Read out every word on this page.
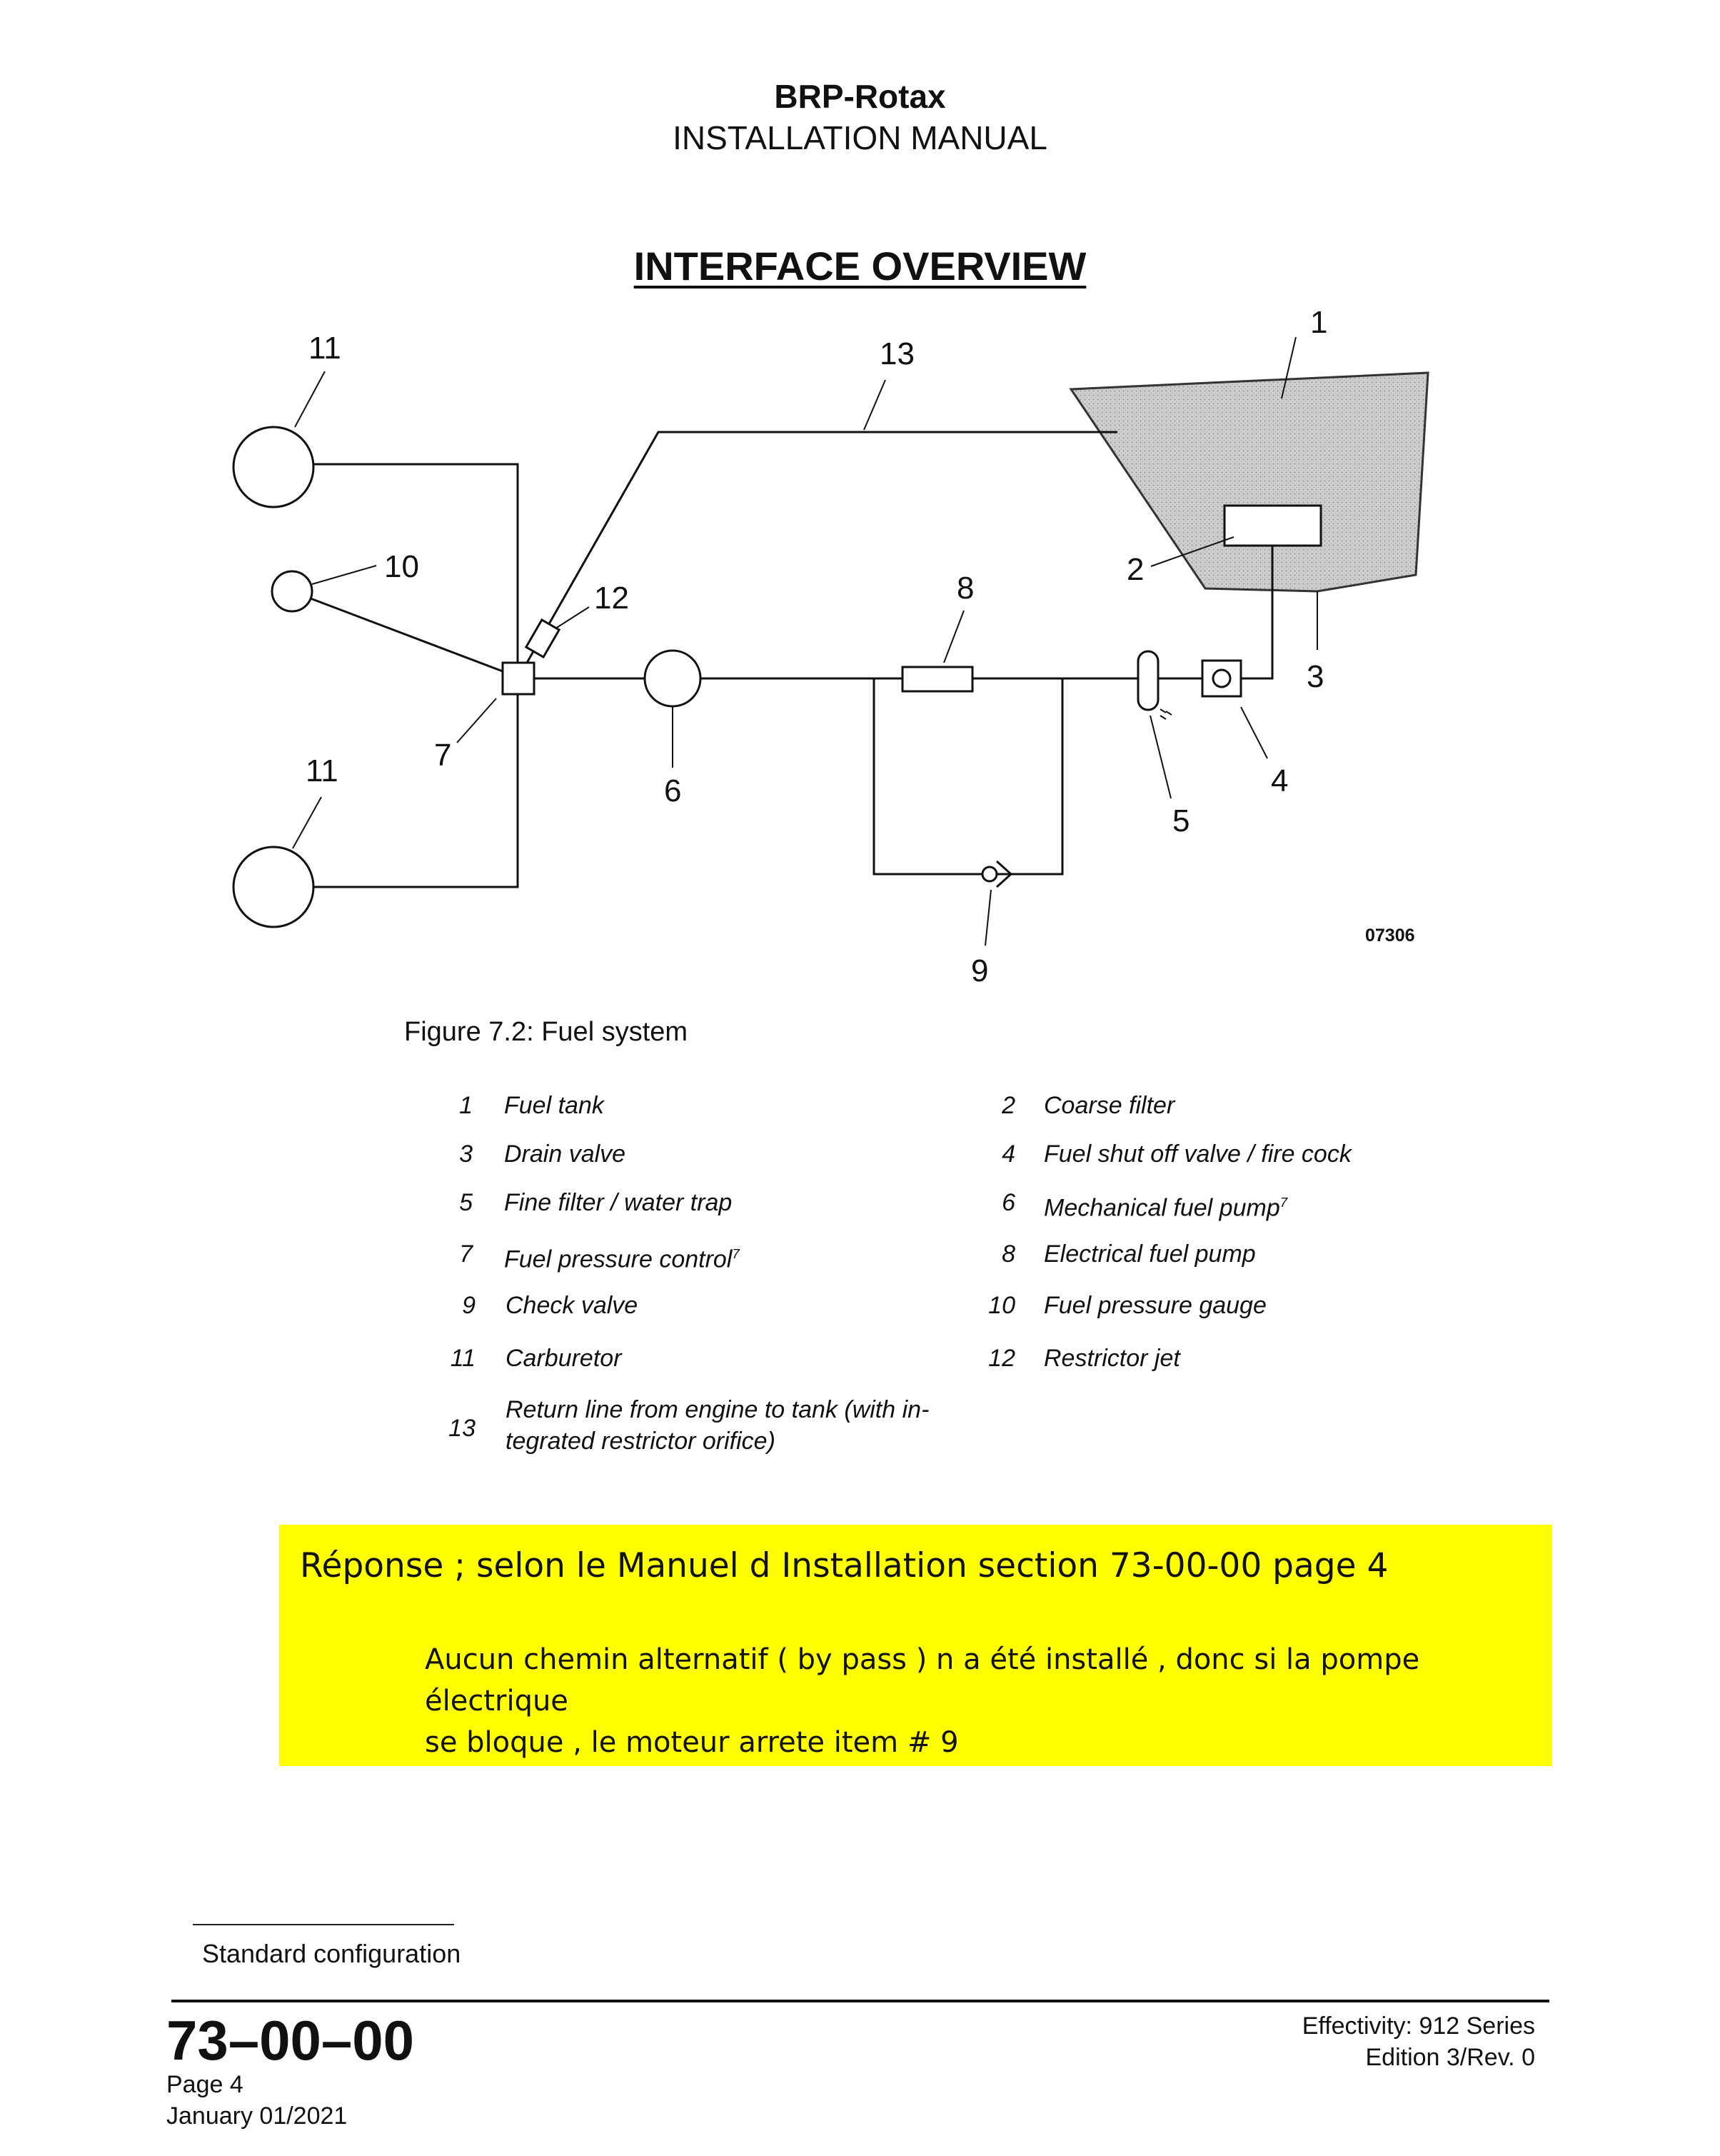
BRP-Rotax
INSTALLATION MANUAL
INTERFACE OVERVIEW
1
2
3
4
5
6
7
8
9
10
11
11
12
13
07306
Figure 7.2: Fuel system
1 Fuel tank	2 Coarse filter
3 Drain valve	4 Fuel shut off valve / fire cock
5 Fine filter / water trap	6 Mechanical fuel pump$^7$
7 Fuel pressure control$^7$	8 Electrical fuel pump
9 Check valve	10 Fuel pressure gauge
11 Carburetor	12 Restrictor jet
13
Return line from engine to tank (with in-
tegrated restrictor orifice)
Réponse ; selon le Manuel d Installation section 73-00-00 page 4
Aucun chemin alternatif ( by pass ) n a été installé , donc si la pompe électrique
se bloque , le moteur arrete item # 9
Standard configuration
73–00–00
Page 4
January 01/2021
Effectivity: 912 Series
Edition 3/Rev. 0
